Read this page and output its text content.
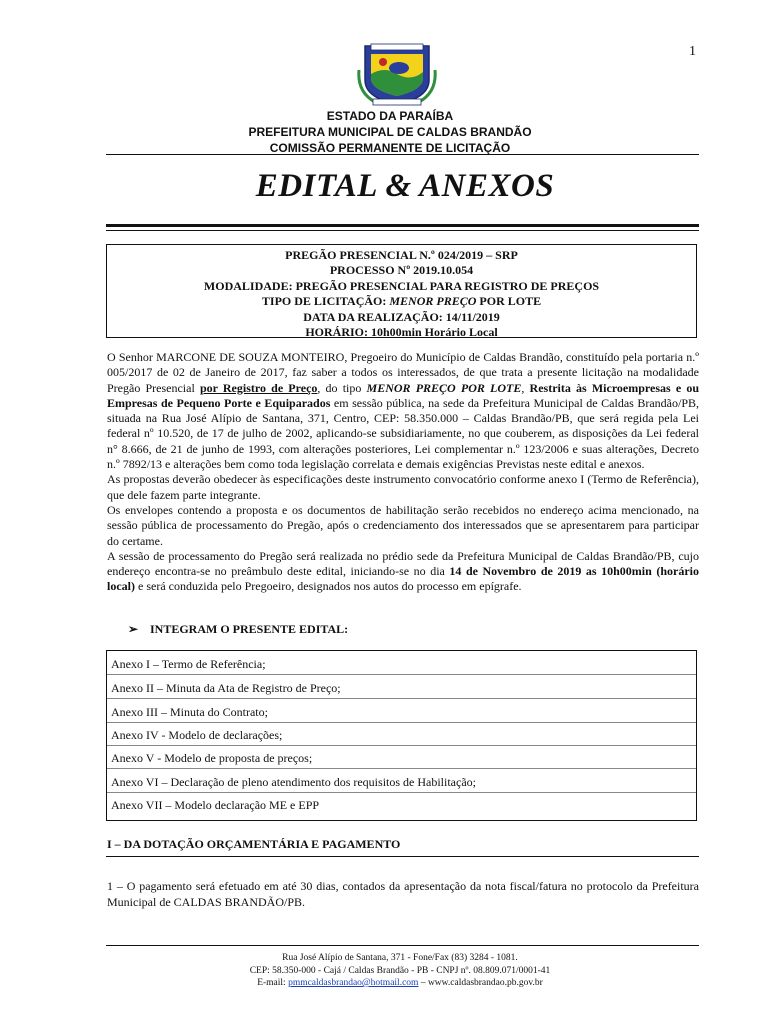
1
ESTADO DA PARAÍBA
PREFEITURA MUNICIPAL DE CALDAS BRANDÃO
COMISSÃO PERMANENTE DE LICITAÇÃO
EDITAL & ANEXOS
PREGÃO PRESENCIAL N.º 024/2019 – SRP
PROCESSO Nº 2019.10.054
MODALIDADE: PREGÃO PRESENCIAL PARA REGISTRO DE PREÇOS
TIPO DE LICITAÇÃO: MENOR PREÇO POR LOTE
DATA DA REALIZAÇÃO: 14/11/2019
HORÁRIO: 10h00min Horário Local

O Senhor MARCONE DE SOUZA MONTEIRO, Pregoeiro do Município de Caldas Brandão, constituído pela portaria n.º 005/2017 de 02 de Janeiro de 2017, faz saber a todos os interessados, de que trata a presente licitação na modalidade Pregão Presencial por Registro de Preço, do tipo MENOR PREÇO POR LOTE, Restrita às Microempresas e ou Empresas de Pequeno Porte e Equiparados em sessão pública, na sede da Prefeitura Municipal de Caldas Brandão/PB, situada na Rua José Alípio de Santana, 371, Centro, CEP: 58.350.000 – Caldas Brandão/PB, que será regida pela Lei federal nº 10.520, de 17 de julho de 2002, aplicando-se subsidiariamente, no que couberem, as disposições da Lei federal n° 8.666, de 21 de junho de 1993, com alterações posteriores, Lei complementar n.º 123/2006 e suas alterações, Decreto n.º 7892/13 e alterações bem como toda legislação correlata e demais exigências Previstas neste edital e anexos.

As propostas deverão obedecer às especificações deste instrumento convocatório conforme anexo I (Termo de Referência), que dele fazem parte integrante.

Os envelopes contendo a proposta e os documentos de habilitação serão recebidos no endereço acima mencionado, na sessão pública de processamento do Pregão, após o credenciamento dos interessados que se apresentarem para participar do certame.

A sessão de processamento do Pregão será realizada no prédio sede da Prefeitura Municipal de Caldas Brandão/PB, cujo endereço encontra-se no preâmbulo deste edital, iniciando-se no dia 14 de Novembro de 2019 as 10h00min (horário local) e será conduzida pelo Pregoeiro, designados nos autos do processo em epígrafe.

➢ INTEGRAM O PRESENTE EDITAL:
Anexo I – Termo de Referência;
Anexo II – Minuta da Ata de Registro de Preço;
Anexo III – Minuta do Contrato;
Anexo IV - Modelo de declarações;
Anexo V - Modelo de proposta de preços;
Anexo VI – Declaração de pleno atendimento dos requisitos de Habilitação;
Anexo VII – Modelo declaração ME e EPP
I – DA DOTAÇÃO ORÇAMENTÁRIA E PAGAMENTO
1 – O pagamento será efetuado em até 30 dias, contados da apresentação da nota fiscal/fatura no protocolo da Prefeitura Municipal de CALDAS BRANDÃO/PB.
Rua José Alípio de Santana, 371 - Fone/Fax (83) 3284 - 1081.
CEP: 58.350-000 - Cajá / Caldas Brandão - PB - CNPJ nº. 08.809.071/0001-41
E-mail: pmmcaldasbrandao@hotmail.com – www.caldasbrandao.pb.gov.br
